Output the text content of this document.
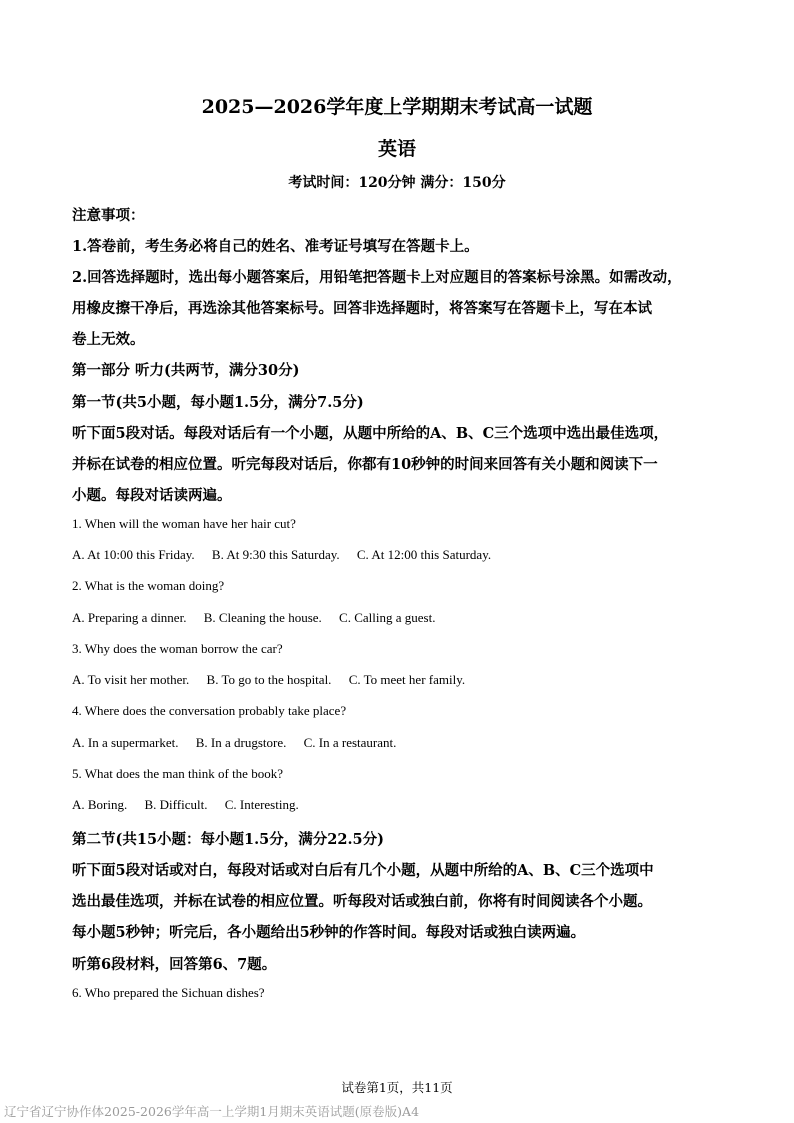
2025—2026学年度上学期期末考试高一试题
英语
考试时间：120分钟 满分：150分
注意事项：
1.答卷前，考生务必将自己的姓名、准考证号填写在答题卡上。
2.回答选择题时，选出每小题答案后，用铅笔把答题卡上对应题目的答案标号涂黑。如需改动，
用橡皮擦干净后，再选涂其他答案标号。回答非选择题时，将答案写在答题卡上，写在本试
卷上无效。
第一部分 听力(共两节，满分30分)
第一节(共5小题，每小题1.5分，满分7.5分)
听下面5段对话。每段对话后有一个小题，从题中所给的A、B、C三个选项中选出最佳选项，
并标在试卷的相应位置。听完每段对话后，你都有10秒钟的时间来回答有关小题和阅读下一
小题。每段对话读两遍。
1. When will the woman have her hair cut?
A. At 10:00 this Friday. B. At 9:30 this Saturday. C. At 12:00 this Saturday.
2. What is the woman doing?
A. Preparing a dinner. B. Cleaning the house. C. Calling a guest.
3. Why does the woman borrow the car?
A. To visit her mother. B. To go to the hospital. C. To meet her family.
4. Where does the conversation probably take place?
A. In a supermarket. B. In a drugstore. C. In a restaurant.
5. What does the man think of the book?
A. Boring. B. Difficult. C. Interesting.
第二节(共15小题：每小题1.5分，满分22.5分)
听下面5段对话或对白，每段对话或对白后有几个小题，从题中所给的A、B、C三个选项中
选出最佳选项，并标在试卷的相应位置。听每段对话或独白前，你将有时间阅读各个小题。
每小题5秒钟；听完后，各小题给出5秒钟的作答时间。每段对话或独白读两遍。
听第6段材料，回答第6、7题。
6. Who prepared the Sichuan dishes?
试卷第1页，共11页
辽宁省辽宁协作体2025-2026学年高一上学期1月期末英语试题(原卷版)A4
